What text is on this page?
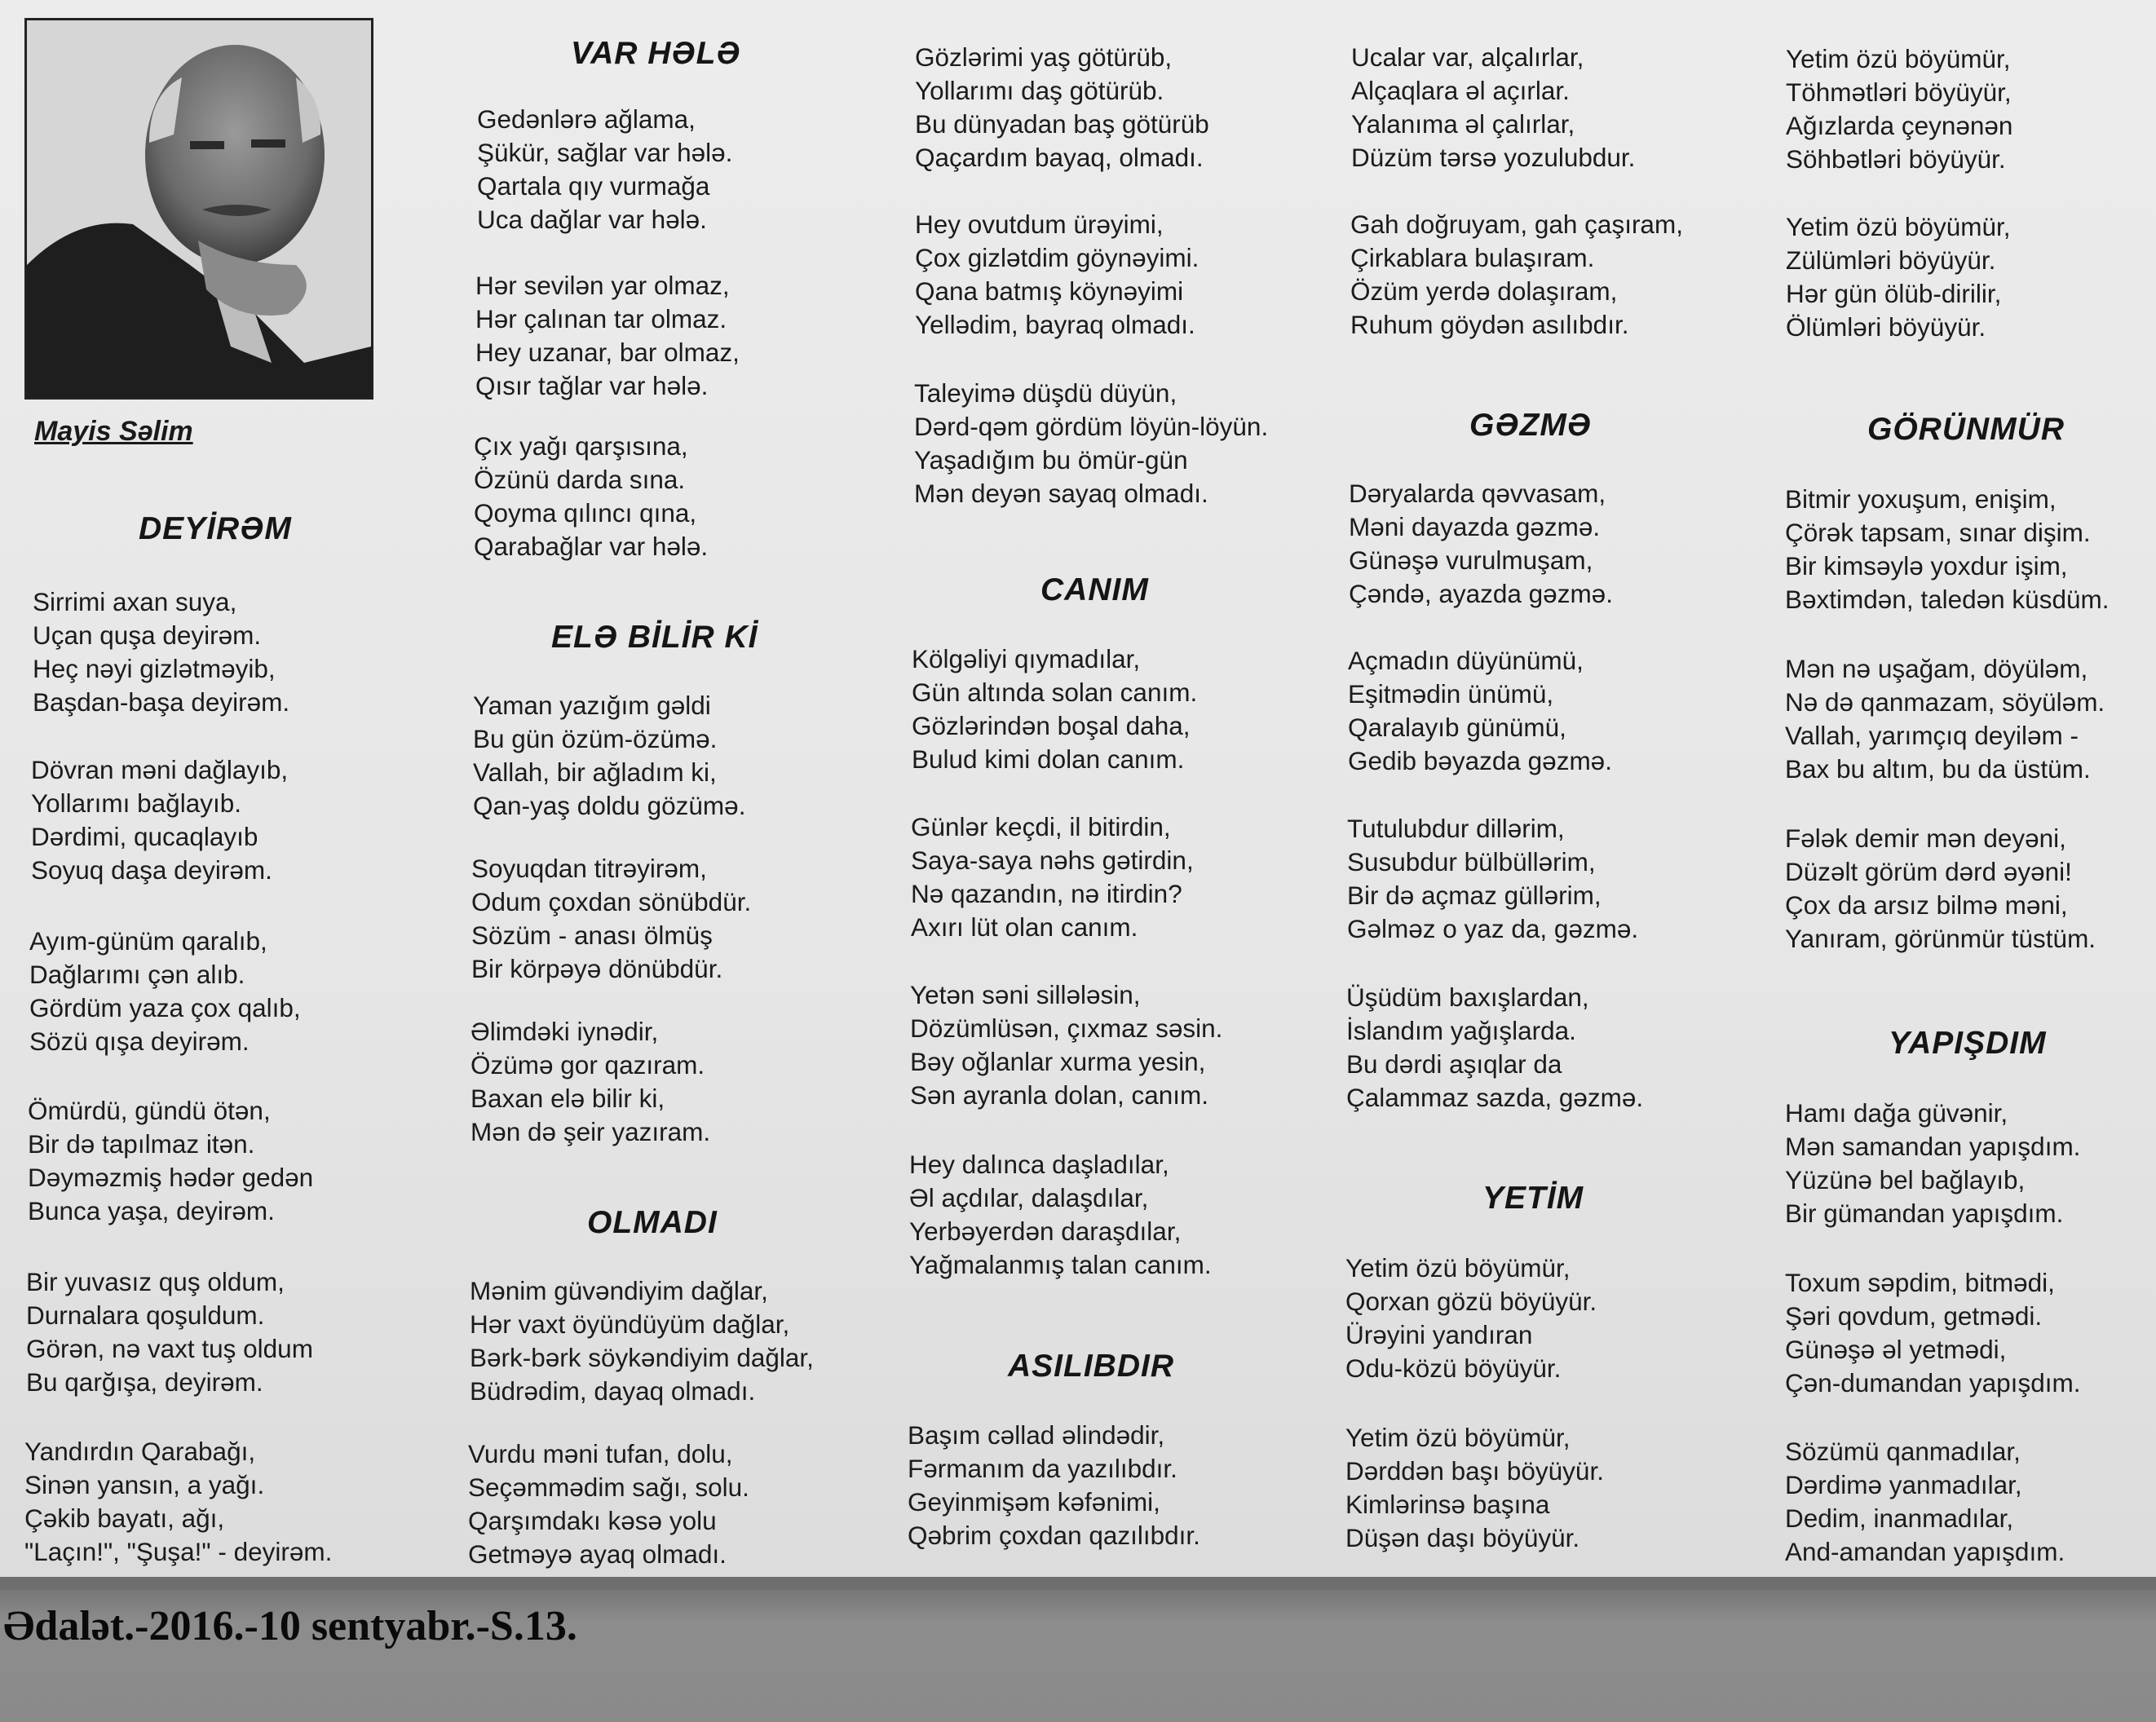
Mayis Səlim
DEYİRƏM
Sirrimi axan suya,
Uçan quşa deyirəm.
Heç nəyi gizlətməyib,
Başdan-başa deyirəm.
Dövran məni dağlayıb,
Yollarımı bağlayıb.
Dərdimi, qucaqlayıb
Soyuq daşa deyirəm.
Ayım-günüm qaralıb,
Dağlarımı çən alıb.
Gördüm yaza çox qalıb,
Sözü qışa deyirəm.
Ömürdü, gündü ötən,
Bir də tapılmaz itən.
Dəyməzmiş hədər gedən
Bunca yaşa, deyirəm.
Bir yuvasız quş oldum,
Durnalara qoşuldum.
Görən, nə vaxt tuş oldum
Bu qarğışa, deyirəm.
Yandırdın Qarabağı,
Sinən yansın, a yağı.
Çəkib bayatı, ağı,
"Laçın!", "Şuşa!" - deyirəm.
VAR HƏLƏ
Gedənlərə ağlama,
Şükür, sağlar var hələ.
Qartala qıy vurmağa
Uca dağlar var hələ.
Hər sevilən yar olmaz,
Hər çalınan tar olmaz.
Hey uzanar, bar olmaz,
Qısır tağlar var hələ.
Çıx yağı qarşısına,
Özünü darda sına.
Qoyma qılıncı qına,
Qarabağlar var hələ.
ELƏ BİLİR Kİ
Yaman yazığım gəldi
Bu gün özüm-özümə.
Vallah, bir ağladım ki,
Qan-yaş doldu gözümə.
Soyuqdan titrəyirəm,
Odum çoxdan sönübdür.
Sözüm - anası ölmüş
Bir körpəyə dönübdür.
Əlimdəki iynədir,
Özümə gor qazıram.
Baxan elə bilir ki,
Mən də şeir yazıram.
OLMADI
Mənim güvəndiyim dağlar,
Hər vaxt öyündüyüm dağlar,
Bərk-bərk söykəndiyim dağlar,
Büdrədim, dayaq olmadı.
Vurdu məni tufan, dolu,
Seçəmmədim sağı, solu.
Qarşımdakı kəsə yolu
Getməyə ayaq olmadı.
Gözlərimi yaş götürüb,
Yollarımı daş götürüb.
Bu dünyadan baş götürüb
Qaçardım bayaq, olmadı.
Hey ovutdum ürəyimi,
Çox gizlətdim göynəyimi.
Qana batmış köynəyimi
Yellədim, bayraq olmadı.
Taleyimə düşdü düyün,
Dərd-qəm gördüm löyün-löyün.
Yaşadığım bu ömür-gün
Mən deyən sayaq olmadı.
CANIM
Kölgəliyi qıymadılar,
Gün altında solan canım.
Gözlərindən boşal daha,
Bulud kimi dolan canım.
Günlər keçdi, il bitirdin,
Saya-saya nəhs gətirdin,
Nə qazandın, nə itirdin?
Axırı lüt olan canım.
Yetən səni sillələsin,
Dözümlüsən, çıxmaz səsin.
Bəy oğlanlar xurma yesin,
Sən ayranla dolan, canım.
Hey dalınca daşladılar,
Əl açdılar, dalaşdılar,
Yerbəyerdən daraşdılar,
Yağmalanmış talan canım.
ASILIBDIR
Başım cəllad əlindədir,
Fərmanım da yazılıbdır.
Geyinmişəm kəfənimi,
Qəbrim çoxdan qazılıbdır.
Ucalar var, alçalırlar,
Alçaqlara əl açırlar.
Yalanıma əl çalırlar,
Düzüm tərsə yozulubdur.
Gah doğruyam, gah çaşıram,
Çirkablara bulaşıram.
Özüm yerdə dolaşıram,
Ruhum göydən asılıbdır.
GƏZMƏ
Dəryalarda qəvvasam,
Məni dayazda gəzmə.
Günəşə vurulmuşam,
Çəndə, ayazda gəzmə.
Açmadın düyünümü,
Eşitmədin ünümü,
Qaralayıb günümü,
Gedib bəyazda gəzmə.
Tutulubdur dillərim,
Susubdur bülbüllərim,
Bir də açmaz güllərim,
Gəlməz o yaz da, gəzmə.
Üşüdüm baxışlardan,
İslandım yağışlarda.
Bu dərdi aşıqlar da
Çalammaz sazda, gəzmə.
YETİM
Yetim özü böyümür,
Qorxan gözü böyüyür.
Ürəyini yandıran
Odu-közü böyüyür.
Yetim özü böyümür,
Dərddən başı böyüyür.
Kimlərinsə başına
Düşən daşı böyüyür.
Yetim özü böyümür,
Töhmətləri böyüyür,
Ağızlarda çeynənən
Söhbətləri böyüyür.
Yetim özü böyümür,
Zülümləri böyüyür.
Hər gün ölüb-dirilir,
Ölümləri böyüyür.
GÖRÜNMÜR
Bitmir yoxuşum, enişim,
Çörək tapsam, sınar dişim.
Bir kimsəylə yoxdur işim,
Bəxtimdən, taledən küsdüm.
Mən nə uşağam, döyüləm,
Nə də qanmazam, söyüləm.
Vallah, yarımçıq deyiləm -
Bax bu altım, bu da üstüm.
Fələk demir mən deyəni,
Düzəlt görüm dərd əyəni!
Çox da arsız bilmə məni,
Yanıram, görünmür tüstüm.
YAPIŞDIM
Hamı dağa güvənir,
Mən samandan yapışdım.
Yüzünə bel bağlayıb,
Bir gümandan yapışdım.
Toxum səpdim, bitmədi,
Şəri qovdum, getmədi.
Günəşə əl yetmədi,
Çən-dumandan yapışdım.
Sözümü qanmadılar,
Dərdimə yanmadılar,
Dedim, inanmadılar,
And-amandan yapışdım.
Ədalət.-2016.-10 sentyabr.-S.13.
